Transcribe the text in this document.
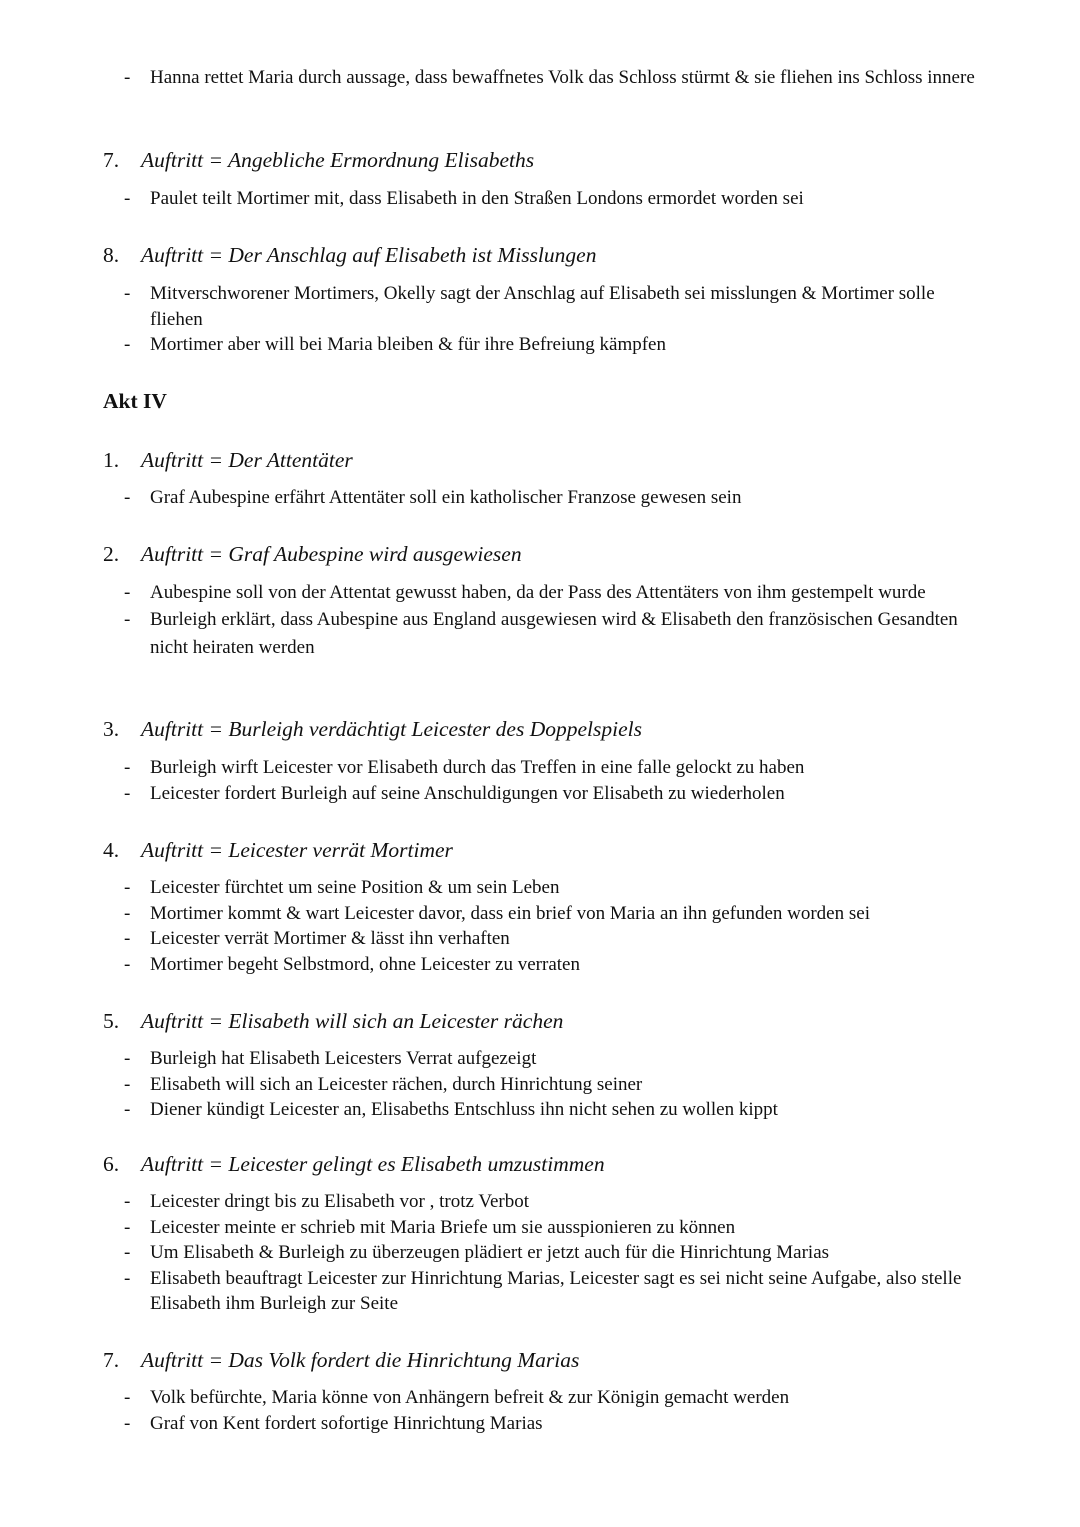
- Hanna rettet Maria durch aussage, dass bewaffnetes Volk das Schloss stürmt & sie fliehen ins Schloss innere
7. Auftritt = Angebliche Ermordnung Elisabeths
- Paulet teilt Mortimer mit, dass Elisabeth in den Straßen Londons ermordet worden sei
8. Auftritt = Der Anschlag auf Elisabeth ist Misslungen
- Mitverschworener Mortimers, Okelly sagt der Anschlag auf Elisabeth sei misslungen & Mortimer solle fliehen
- Mortimer aber will bei Maria bleiben & für ihre Befreiung kämpfen
Akt IV
1. Auftritt = Der Attentäter
- Graf Aubespine erfährt Attentäter soll ein katholischer Franzose gewesen sein
2. Auftritt = Graf Aubespine wird ausgewiesen
- Aubespine soll von der Attentat gewusst haben, da der Pass des Attentäters von ihm gestempelt wurde
- Burleigh erklärt, dass Aubespine aus England ausgewiesen wird & Elisabeth den französischen Gesandten nicht heiraten werden
3. Auftritt = Burleigh verdächtigt Leicester des Doppelspiels
- Burleigh wirft Leicester vor Elisabeth durch das Treffen in eine falle gelockt zu haben
- Leicester fordert Burleigh auf seine Anschuldigungen vor Elisabeth zu wiederholen
4. Auftritt = Leicester verrät Mortimer
- Leicester fürchtet um seine Position & um sein Leben
- Mortimer kommt & wart Leicester davor, dass ein brief von Maria an ihn gefunden worden sei
- Leicester verrät Mortimer & lässt ihn verhaften
- Mortimer begeht Selbstmord, ohne Leicester zu verraten
5. Auftritt = Elisabeth will sich an Leicester rächen
- Burleigh hat Elisabeth Leicesters Verrat aufgezeigt
- Elisabeth will sich an Leicester rächen, durch Hinrichtung seiner
- Diener kündigt Leicester an, Elisabeths Entschluss ihn nicht sehen zu wollen kippt
6. Auftritt = Leicester gelingt es Elisabeth umzustimmen
- Leicester dringt bis zu Elisabeth vor , trotz Verbot
- Leicester meinte er schrieb mit Maria Briefe um sie ausspionieren zu können
- Um Elisabeth & Burleigh zu überzeugen plädiert er jetzt auch für die Hinrichtung Marias
- Elisabeth beauftragt Leicester zur Hinrichtung Marias, Leicester sagt es sei nicht seine Aufgabe, also stelle Elisabeth ihm Burleigh zur Seite
7. Auftritt = Das Volk fordert die Hinrichtung Marias
- Volk befürchte, Maria könne von Anhängern befreit & zur Königin gemacht werden
- Graf von Kent fordert sofortige Hinrichtung Marias
